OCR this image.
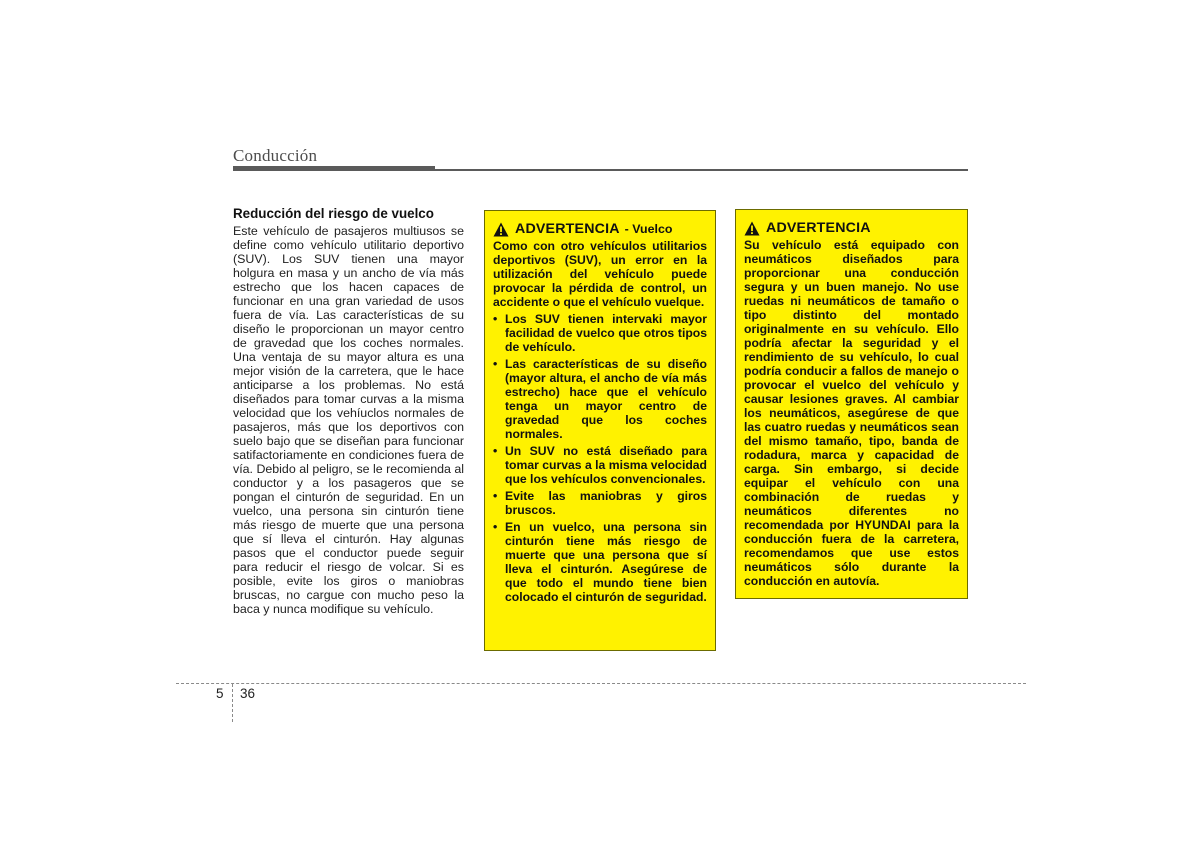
Conducción
Reducción del riesgo de vuelco

Este vehículo de pasajeros multiusos se define como vehículo utilitario deportivo (SUV). Los SUV tienen una mayor holgura en masa y un ancho de vía más estrecho que los hacen capaces de funcionar en una gran variedad de usos fuera de vía. Las características de su diseño le proporcionan un mayor centro de gravedad que los coches normales. Una ventaja de su mayor altura es una mejor visión de la carretera, que le hace anticiparse a los problemas. No está diseñados para tomar curvas a la misma velocidad que los vehíuclos normales de pasajeros, más que los deportivos con suelo bajo que se diseñan para funcionar satifactoriamente en condiciones fuera de vía. Debido al peligro, se le recomienda al conductor y a los pasageros que se pongan el cinturón de seguridad. En un vuelco, una persona sin cinturón tiene más riesgo de muerte que una persona que sí lleva el cinturón. Hay algunas pasos que el conductor puede seguir para reducir el riesgo de volcar. Si es posible, evite los giros o maniobras bruscas, no cargue con mucho peso la baca y nunca modifique su vehículo.

ADVERTENCIA - Vuelco

Como con otro vehículos utilitarios deportivos (SUV), un error en la utilización del vehículo puede provocar la pérdida de control, un accidente o que el vehículo vuelque.

• Los SUV tienen intervaki mayor facilidad de vuelco que otros tipos de vehículo.
• Las características de su diseño (mayor altura, el ancho de vía más estrecho) hace que el vehículo tenga un mayor centro de gravedad que los coches normales.
• Un SUV no está diseñado para tomar curvas a la misma velocidad que los vehículos convencionales.
• Evite las maniobras y giros bruscos.
• En un vuelco, una persona sin cinturón tiene más riesgo de muerte que una persona que sí lleva el cinturón. Asegúrese de que todo el mundo tiene bien colocado el cinturón de seguridad.
ADVERTENCIA

Su vehículo está equipado con neumáticos diseñados para proporcionar una conducción segura y un buen manejo. No use ruedas ni neumáticos de tamaño o tipo distinto del montado originalmente en su vehículo. Ello podría afectar la seguridad y el rendimiento de su vehículo, lo cual podría conducir a fallos de manejo o provocar el vuelco del vehículo y causar lesiones graves. Al cambiar los neumáticos, asegúrese de que las cuatro ruedas y neumáticos sean del mismo tamaño, tipo, banda de rodadura, marca y capacidad de carga. Sin embargo, si decide equipar el vehículo con una combinación de ruedas y neumáticos diferentes no recomendada por HYUNDAI para la conducción fuera de la carretera, recomendamos que use estos neumáticos sólo durante la conducción en autovía.

5 36
